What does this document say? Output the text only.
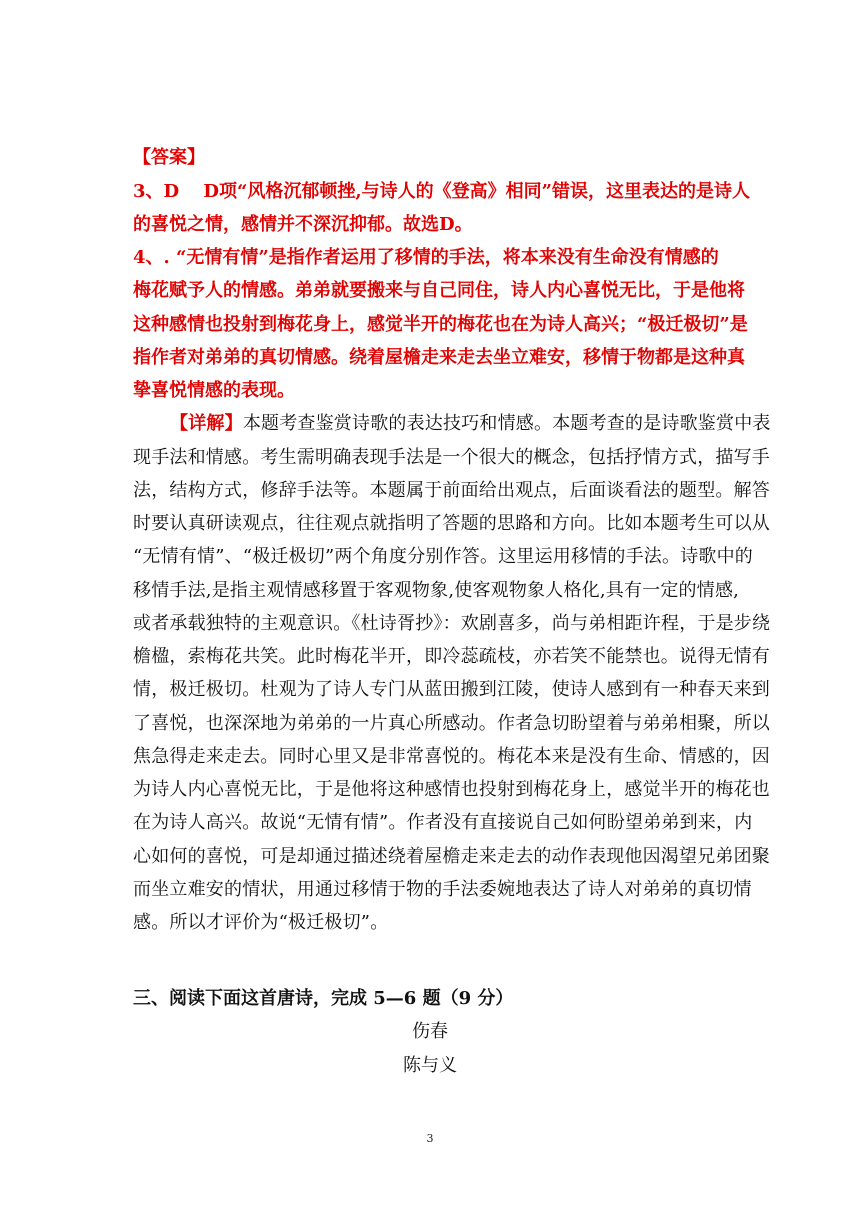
【答案】
3、D　 D项“风格沉郁顿挫,与诗人的《登高》相同”错误，这里表达的是诗人
的喜悦之情，感情并不深沉抑郁。故选D。
4、. “无情有情”是指作者运用了移情的手法，将本来没有生命没有情感的
梅花赋予人的情感。弟弟就要搬来与自己同住，诗人内心喜悦无比，于是他将
这种感情也投射到梅花身上，感觉半开的梅花也在为诗人高兴；“极迁极切”是
指作者对弟弟的真切情感。绕着屋檐走来走去坐立难安，移情于物都是这种真
挚喜悦情感的表现。
【详解】本题考查鉴赏诗歌的表达技巧和情感。本题考查的是诗歌鉴赏中表
现手法和情感。考生需明确表现手法是一个很大的概念，包括抒情方式，描写手
法，结构方式，修辞手法等。本题属于前面给出观点，后面谈看法的题型。解答
时要认真研读观点，往往观点就指明了答题的思路和方向。比如本题考生可以从
“无情有情”、“极迁极切”两个角度分别作答。这里运用移情的手法。诗歌中的
移情手法,是指主观情感移置于客观物象,使客观物象人格化,具有一定的情感,
或者承载独特的主观意识。《杜诗胥抄》：欢剧喜多，尚与弟相距许程，于是步绕
檐楹，索梅花共笑。此时梅花半开，即冷蕊疏枝，亦若笑不能禁也。说得无情有
情，极迁极切。杜观为了诗人专门从蓝田搬到江陵，使诗人感到有一种春天来到
了喜悦，也深深地为弟弟的一片真心所感动。作者急切盼望着与弟弟相聚，所以
焦急得走来走去。同时心里又是非常喜悦的。梅花本来是没有生命、情感的，因
为诗人内心喜悦无比，于是他将这种感情也投射到梅花身上，感觉半开的梅花也
在为诗人高兴。故说“无情有情”。作者没有直接说自己如何盼望弟弟到来，内
心如何的喜悦，可是却通过描述绕着屋檐走来走去的动作表现他因渴望兄弟团聚
而坐立难安的情状，用通过移情于物的手法委婉地表达了诗人对弟弟的真切情
感。所以才评价为“极迁极切”。
三、阅读下面这首唐诗，完成 5—6 题（9 分）
伤春
陈与义
3
